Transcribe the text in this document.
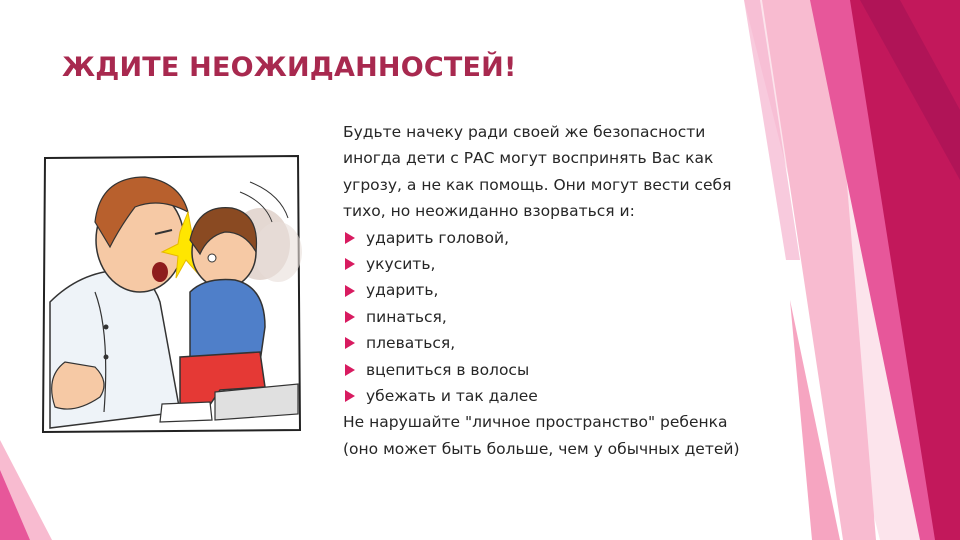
ЖДИТЕ НЕОЖИДАННОСТЕЙ!
Будьте начеку ради своей же безопасности
иногда дети с РАС могут воспринять Вас как
угрозу, а не как помощь. Они могут вести себя
тихо, но неожиданно взорваться и:
ударить головой,
укусить,
ударить,
пинаться,
плеваться,
вцепиться в волосы
убежать и так далее
Не нарушайте "личное пространство" ребенка
(оно может быть больше, чем у обычных детей)
